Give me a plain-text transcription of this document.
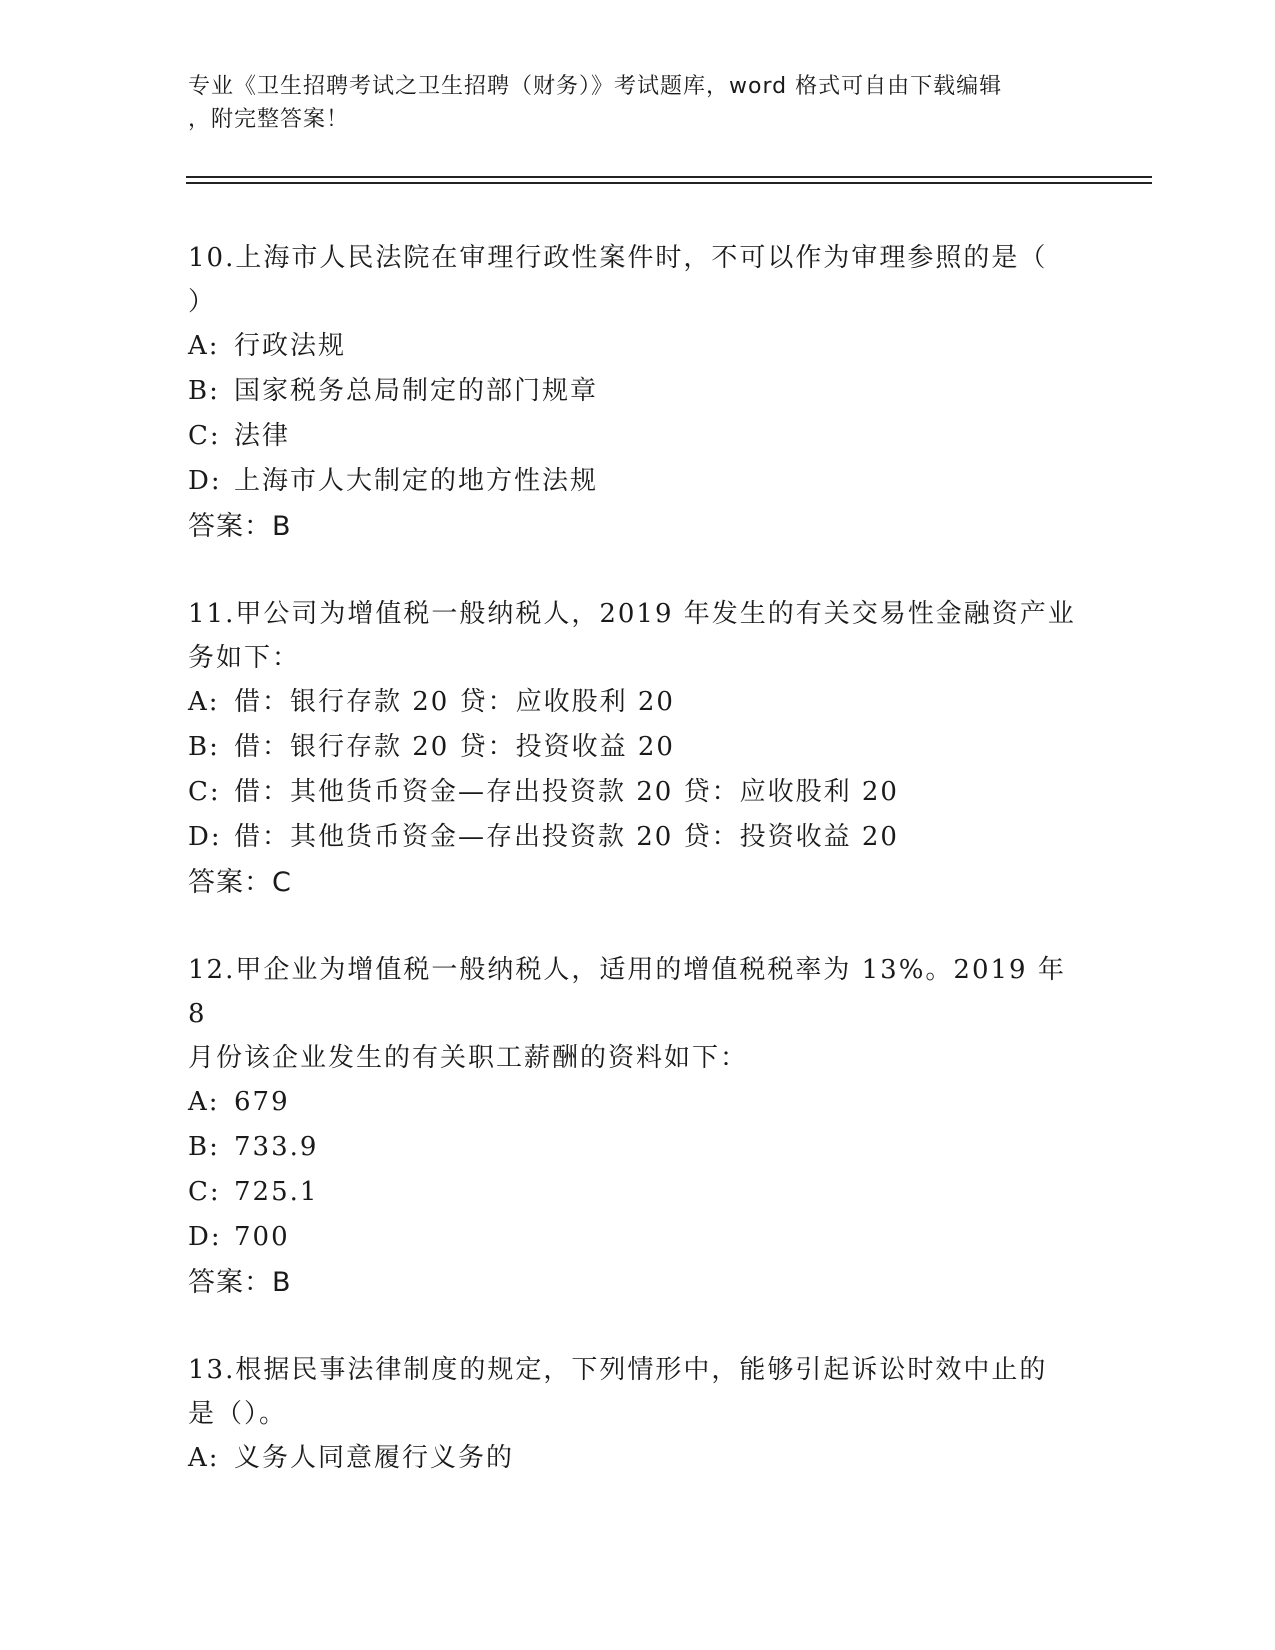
专业《卫生招聘考试之卫生招聘（财务）》考试题库，word 格式可自由下载编辑
，附完整答案！
10.上海市人民法院在审理行政性案件时，不可以作为审理参照的是（
）
A: 行政法规
B: 国家税务总局制定的部门规章
C: 法律
D: 上海市人大制定的地方性法规
答案：B
11.甲公司为增值税一般纳税人，2019 年发生的有关交易性金融资产业
务如下：
A: 借：银行存款 20 贷：应收股利 20
B: 借：银行存款 20 贷：投资收益 20
C: 借：其他货币资金—存出投资款 20 贷：应收股利 20
D: 借：其他货币资金—存出投资款 20 贷：投资收益 20
答案：C
12.甲企业为增值税一般纳税人，适用的增值税税率为 13%。2019 年 8
月份该企业发生的有关职工薪酬的资料如下：
A: 679
B: 733.9
C: 725.1
D: 700
答案：B
13.根据民事法律制度的规定，下列情形中，能够引起诉讼时效中止的
是（）。
A: 义务人同意履行义务的
